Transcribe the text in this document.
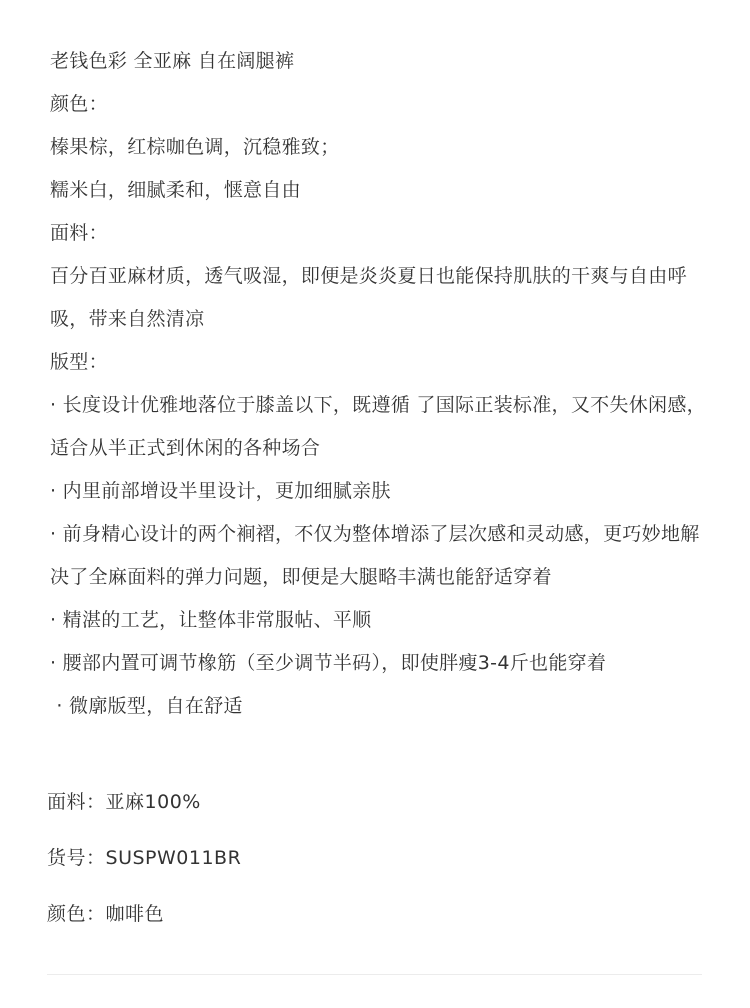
老钱色彩 全亚麻 自在阔腿裤

颜色：

榛果棕，红棕咖色调，沉稳雅致；

糯米白，细腻柔和，惬意自由

面料：

百分百亚麻材质，透气吸湿，即便是炎炎夏日也能保持肌肤的干爽与自由呼吸，带来自然清凉

版型：

· 长度设计优雅地落位于膝盖以下，既遵循 了国际正装标准，又不失休闲感，适合从半正式到休闲的各种场合

· 内里前部增设半里设计，更加细腻亲肤

· 前身精心设计的两个裥褶，不仅为整体增添了层次感和灵动感，更巧妙地解决了全麻面料的弹力问题，即便是大腿略丰满也能舒适穿着

· 精湛的工艺，让整体非常服帖、平顺

· 腰部内置可调节橡筋（至少调节半码），即使胖瘦3-4斤也能穿着

· 微廓版型，自在舒适

面料：亚麻100%
货号：SUSPW011BR
颜色：咖啡色
